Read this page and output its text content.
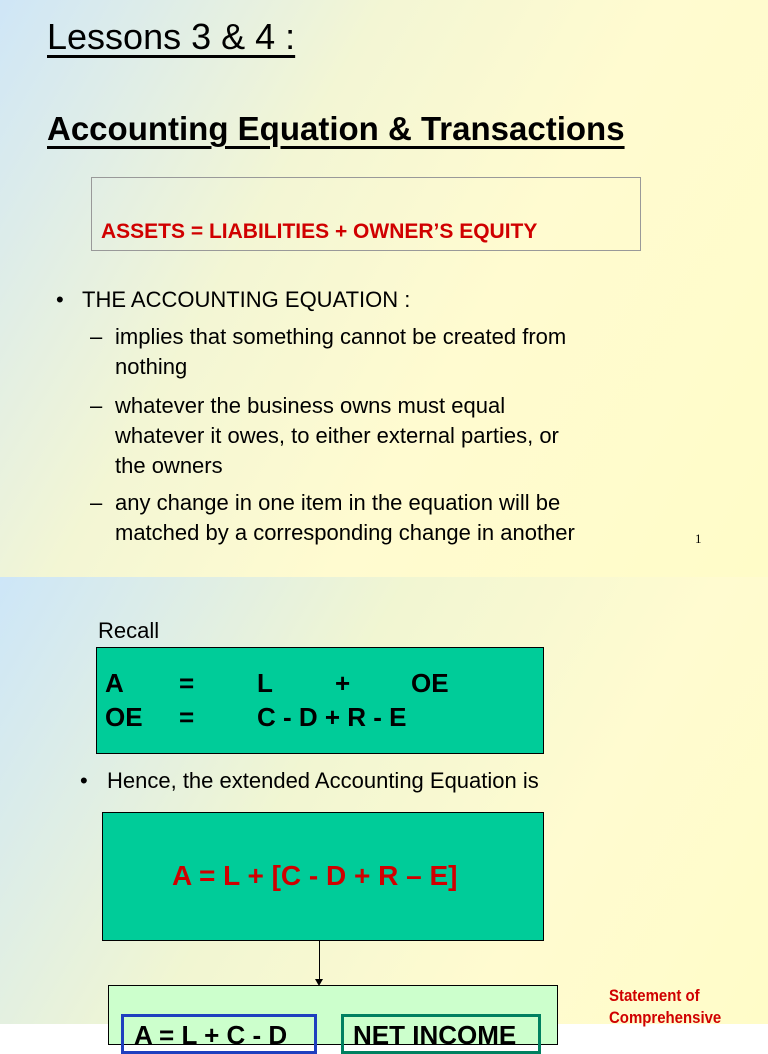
Lessons 3 & 4 :
Accounting Equation & Transactions
ASSETS = LIABILITIES + OWNER’S EQUITY
• THE ACCOUNTING EQUATION :
– implies that something cannot be created from
nothing
– whatever the business owns must equal
whatever it owes, to either external parties, or
the owners
– any change in one item in the equation will be
matched by a corresponding change in another	1
Recall
A = L + OE
OE = C - D + R - E
• Hence, the extended Accounting Equation is
A = L + [C - D + R – E]
A = L + C - D	NET INCOME
Statement of
Comprehensive
